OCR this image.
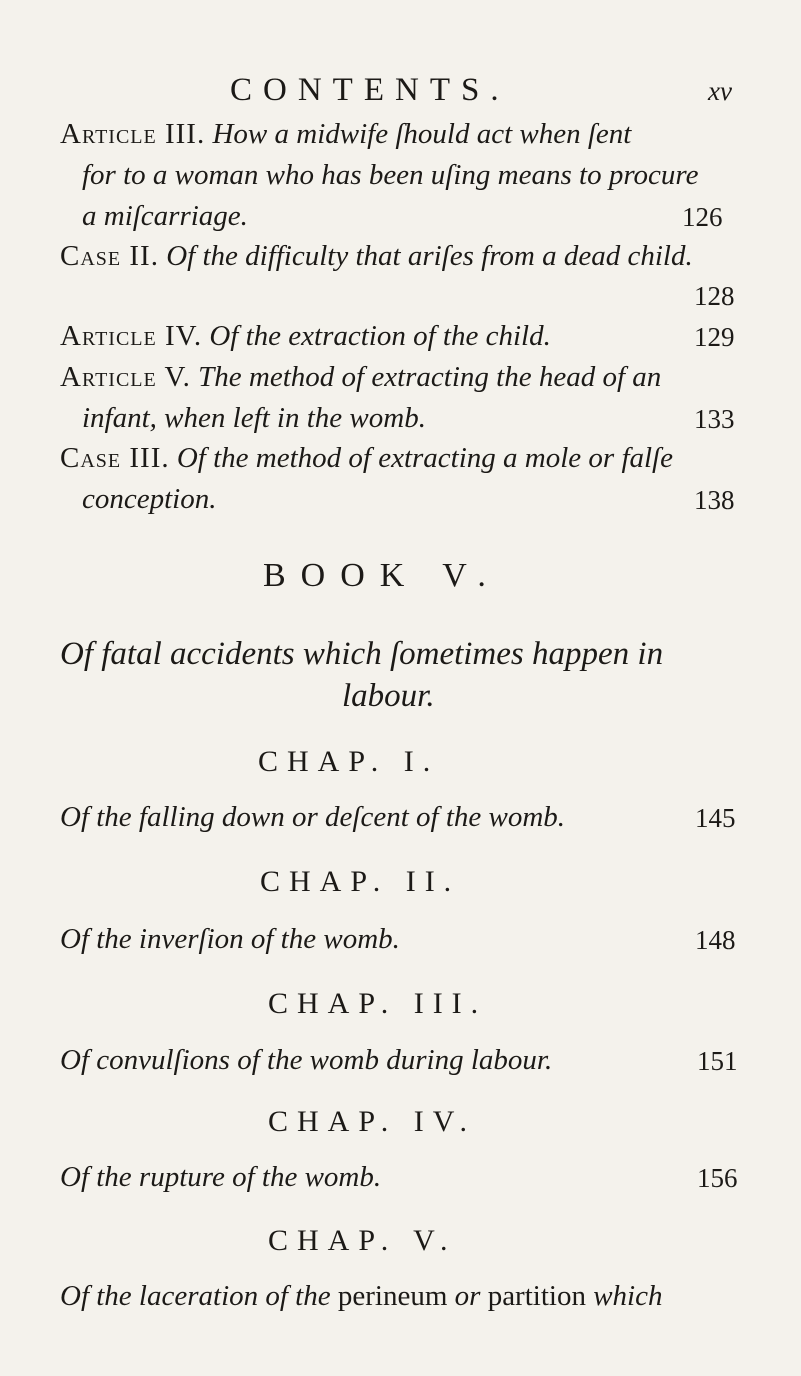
CONTENTS.	xv
Article III. How a midwife ſhould act when ſent
for to a woman who has been uſing means to procure
a miſcarriage.	126
Case II. Of the difficulty that ariſes from a dead child.
128
Article IV. Of the extraction of the child.	129
Article V. The method of extracting the head of an
infant, when left in the womb.	133
Case III. Of the method of extracting a mole or falſe
conception.	138
BOOK V.
Of fatal accidents which ſometimes happen in
labour.
CHAP. I.
Of the falling down or deſcent of the womb.	145
CHAP. II.
Of the inverſion of the womb.	148
CHAP. III.
Of convulſions of the womb during labour.	151
CHAP. IV.
Of the rupture of the womb.	156
CHAP. V.
Of the laceration of the perineum or partition which
